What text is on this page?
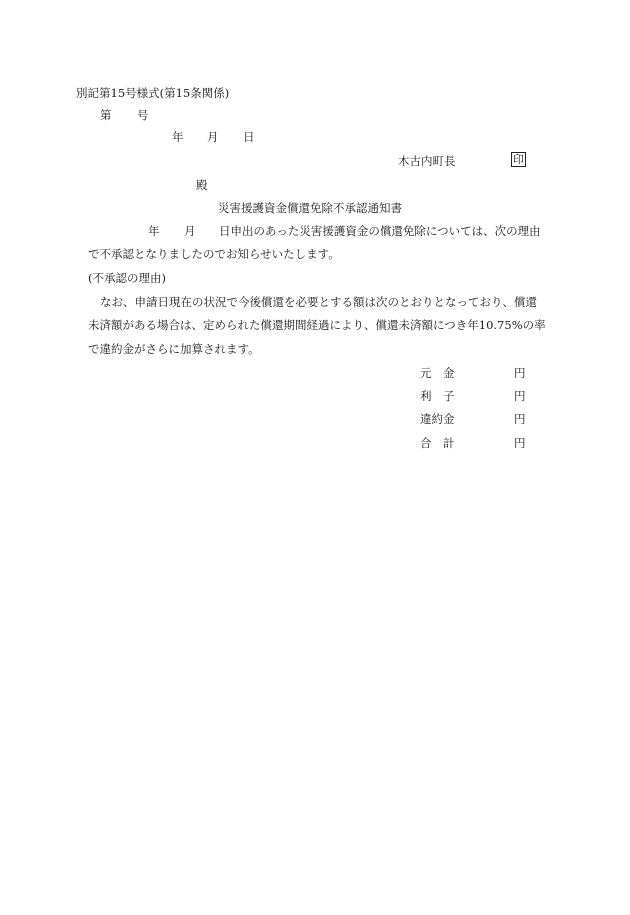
別記第15号様式(第15条関係)
第 号
年 月 日
木古内町長	印
殿
災害援護資金償還免除不承認通知書
年 月 日申出のあった災害援護資金の償還免除については、次の理由
で不承認となりましたのでお知らせいたします。
(不承認の理由)
なお、申請日現在の状況で今後償還を必要とする額は次のとおりとなっており、償還
未済額がある場合は、定められた償還期間経過により、償還未済額につき年10.75%の率
で違約金がさらに加算されます。
元　金	円
利　子	円
違約金	円
合　計	円
